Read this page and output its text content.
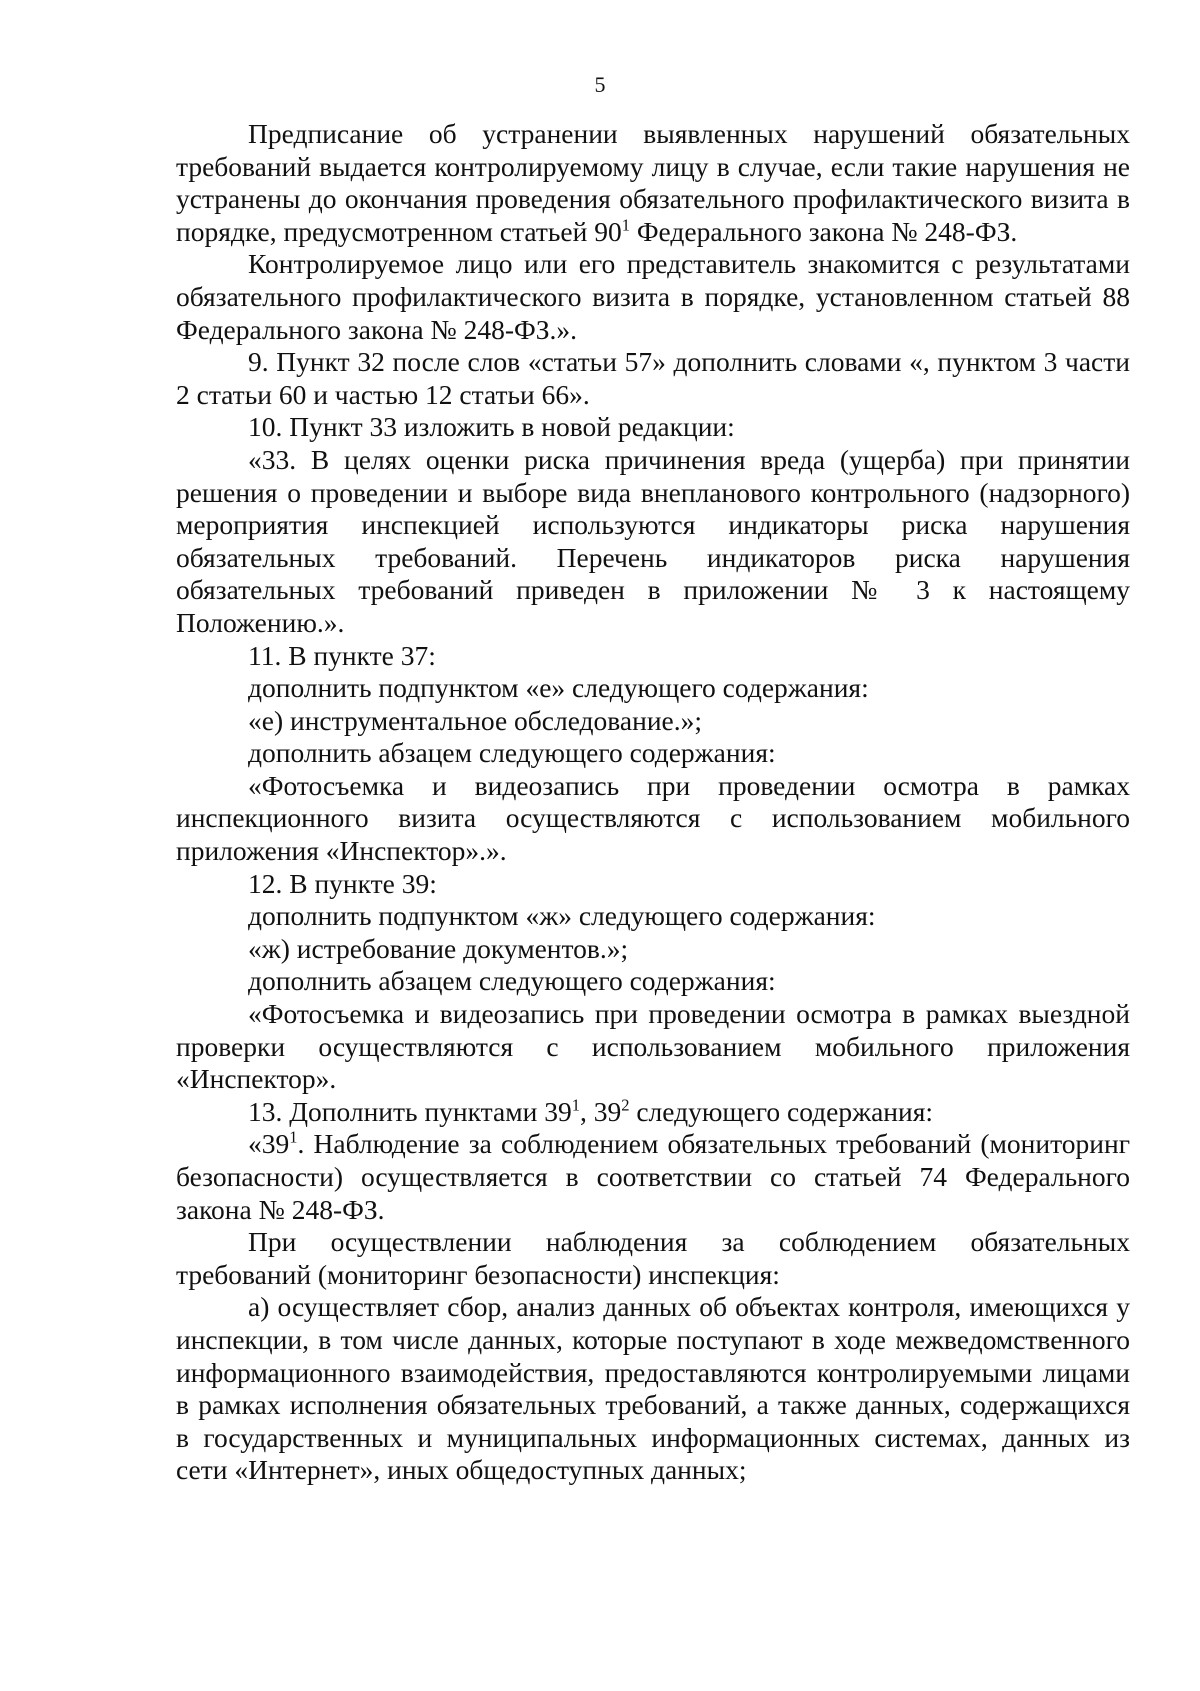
5

Предписание об устранении выявленных нарушений обязательных требований выдается контролируемому лицу в случае, если такие нарушения не устранены до окончания проведения обязательного профилактического визита в порядке, предусмотренном статьей $90^1$ Федерального закона № 248-ФЗ.

Контролируемое лицо или его представитель знакомится с результатами обязательного профилактического визита в порядке, установленном статьей 88 Федерального закона № 248-ФЗ.».

9. Пункт 32 после слов «статьи 57» дополнить словами «, пунктом 3 части 2 статьи 60 и частью 12 статьи 66».

10. Пункт 33 изложить в новой редакции:

«33. В целях оценки риска причинения вреда (ущерба) при принятии решения о проведении и выборе вида внепланового контрольного (надзорного) мероприятия инспекцией используются индикаторы риска нарушения обязательных требований. Перечень индикаторов риска нарушения обязательных требований приведен в приложении № 3 к настоящему Положению.».

11. В пункте 37:

дополнить подпунктом «е» следующего содержания:

«е) инструментальное обследование.»;

дополнить абзацем следующего содержания:

«Фотосъемка и видеозапись при проведении осмотра в рамках инспекционного визита осуществляются с использованием мобильного приложения «Инспектор».».

12. В пункте 39:

дополнить подпунктом «ж» следующего содержания:

«ж) истребование документов.»;

дополнить абзацем следующего содержания:

«Фотосъемка и видеозапись при проведении осмотра в рамках выездной проверки осуществляются с использованием мобильного приложения «Инспектор».

13. Дополнить пунктами $39^1$, $39^2$ следующего содержания:

«$39^1$. Наблюдение за соблюдением обязательных требований (мониторинг безопасности) осуществляется в соответствии со статьей 74 Федерального закона № 248-ФЗ.

При осуществлении наблюдения за соблюдением обязательных требований (мониторинг безопасности) инспекция:

а) осуществляет сбор, анализ данных об объектах контроля, имеющихся у инспекции, в том числе данных, которые поступают в ходе межведомственного информационного взаимодействия, предоставляются контролируемыми лицами в рамках исполнения обязательных требований, а также данных, содержащихся в государственных и муниципальных информационных системах, данных из сети «Интернет», иных общедоступных данных;
